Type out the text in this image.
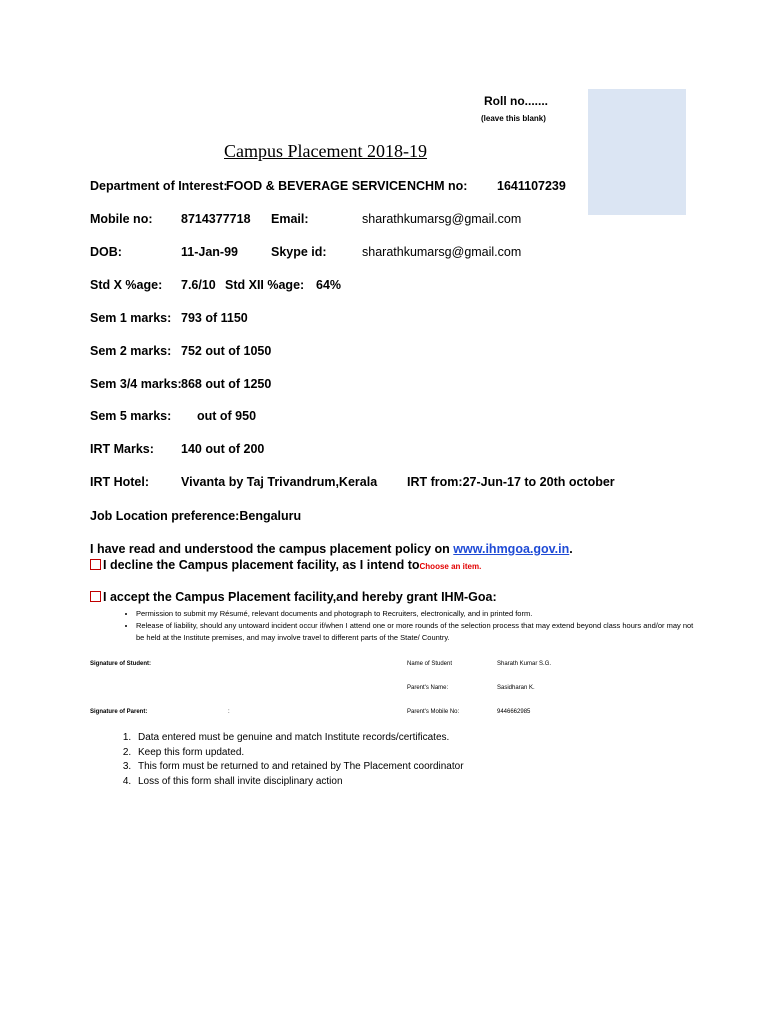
Roll no.......
(leave this blank)
Campus Placement 2018-19
Department of Interest:
FOOD & BEVERAGE SERVICE NCHM no: 1641107239
Mobile no: 8714377718 Email:	sharathkumarsg@gmail.com
DOB:	11-Jan-99	Skype id:	sharathkumarsg@gmail.com
Std X %age: 7.6/10 Std XII %age: 64%
Sem 1 marks: 793 of 1150
Sem 2 marks: 752 out of 1050
Sem 3/4 marks: 868 out of 1250
Sem 5 marks: out of 950
IRT Marks: 140 out of 200
IRT Hotel:	Vivanta by Taj Trivandrum,Kerala IRT from:27-Jun-17 to 20th october
Job Location preference:Bengaluru
I have read and understood the campus placement policy on www.ihmgoa.gov.in.
I decline the Campus placement facility, as I intend toChoose an item.
I accept the Campus Placement facility,and hereby grant IHM-Goa:
• Permission to submit my Résumé, relevant documents and photograph to Recruiters, electronically, and in printed form.
• Release of liability, should any untoward incident occur if/when I attend one or more rounds of the selection process that may extend beyond class hours and/or may not be held at the Institute premises, and may involve travel to different parts of the State/ Country.
Signature of Student:	Name of Student	Sharath Kumar S.G.
Parent's Name:	Sasidharan K.
Signature of Parent:	:	Parent's Mobile No:	9446662985
1. Data entered must be genuine and match Institute records/certificates.
2. Keep this form updated.
3. This form must be returned to and retained by The Placement coordinator
4. Loss of this form shall invite disciplinary action
